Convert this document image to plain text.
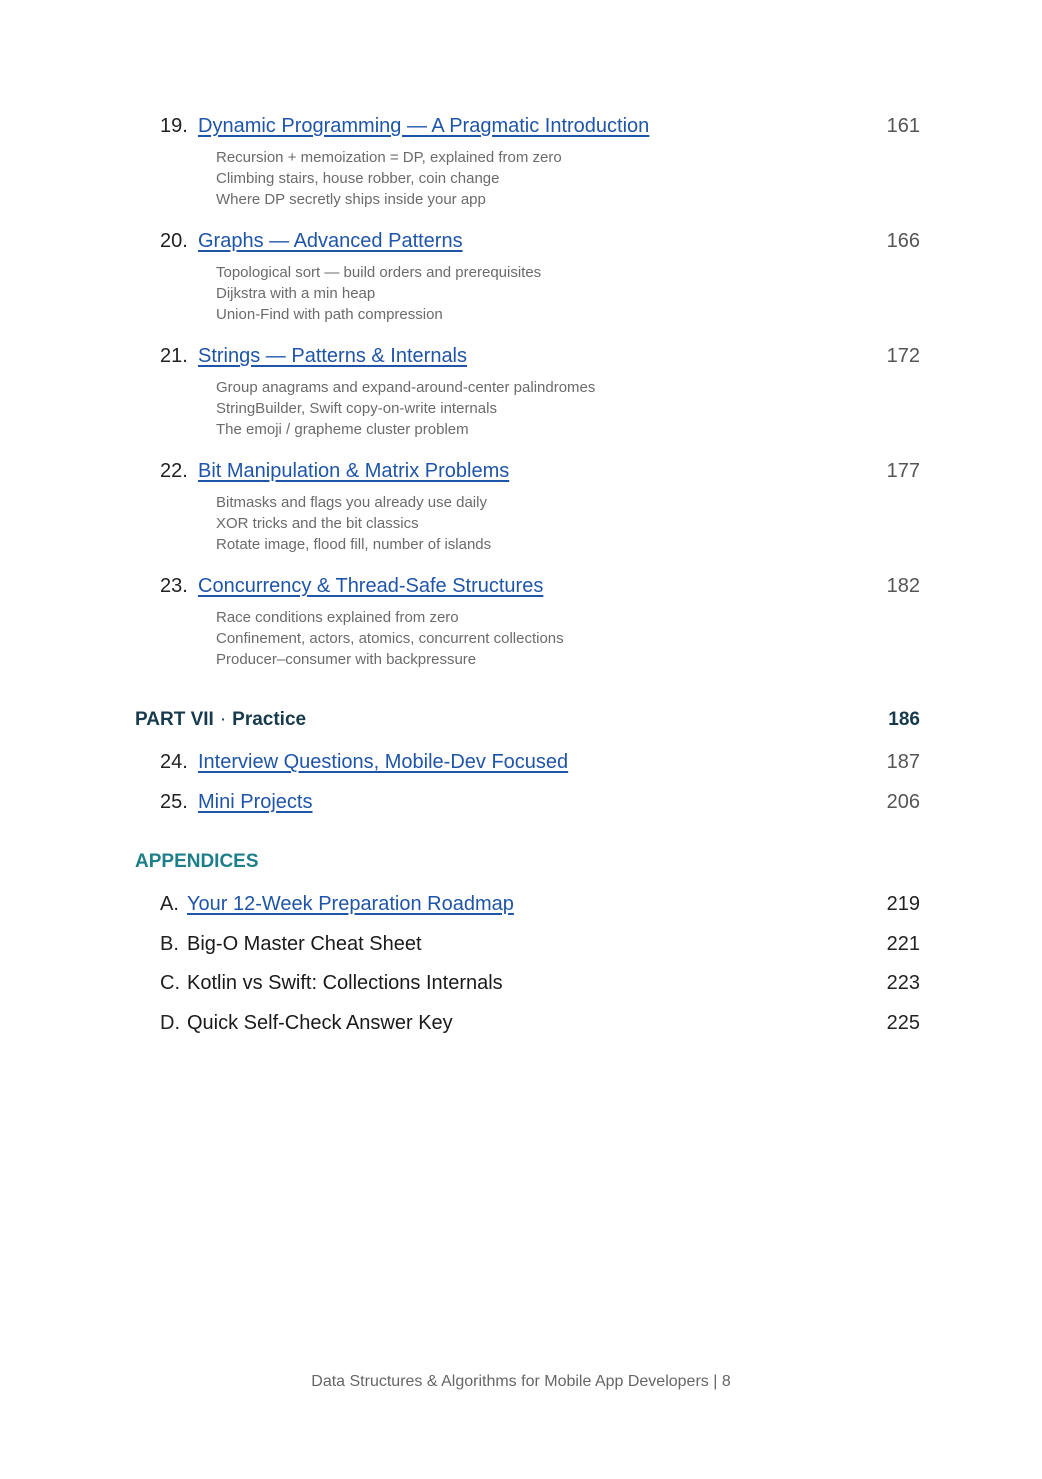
19. Dynamic Programming — A Pragmatic Introduction	161
Recursion + memoization = DP, explained from zero
Climbing stairs, house robber, coin change
Where DP secretly ships inside your app
20. Graphs — Advanced Patterns	166
Topological sort — build orders and prerequisites
Dijkstra with a min heap
Union-Find with path compression
21. Strings — Patterns & Internals	172
Group anagrams and expand-around-center palindromes
StringBuilder, Swift copy-on-write internals
The emoji / grapheme cluster problem
22. Bit Manipulation & Matrix Problems	177
Bitmasks and flags you already use daily
XOR tricks and the bit classics
Rotate image, flood fill, number of islands
23. Concurrency & Thread-Safe Structures	182
Race conditions explained from zero
Confinement, actors, atomics, concurrent collections
Producer–consumer with backpressure
PART VII · Practice	186
24. Interview Questions, Mobile-Dev Focused	187
25. Mini Projects	206
APPENDICES
A. Your 12-Week Preparation Roadmap	219
B. Big-O Master Cheat Sheet	221
C. Kotlin vs Swift: Collections Internals	223
D. Quick Self-Check Answer Key	225
Data Structures & Algorithms for Mobile App Developers | 8
